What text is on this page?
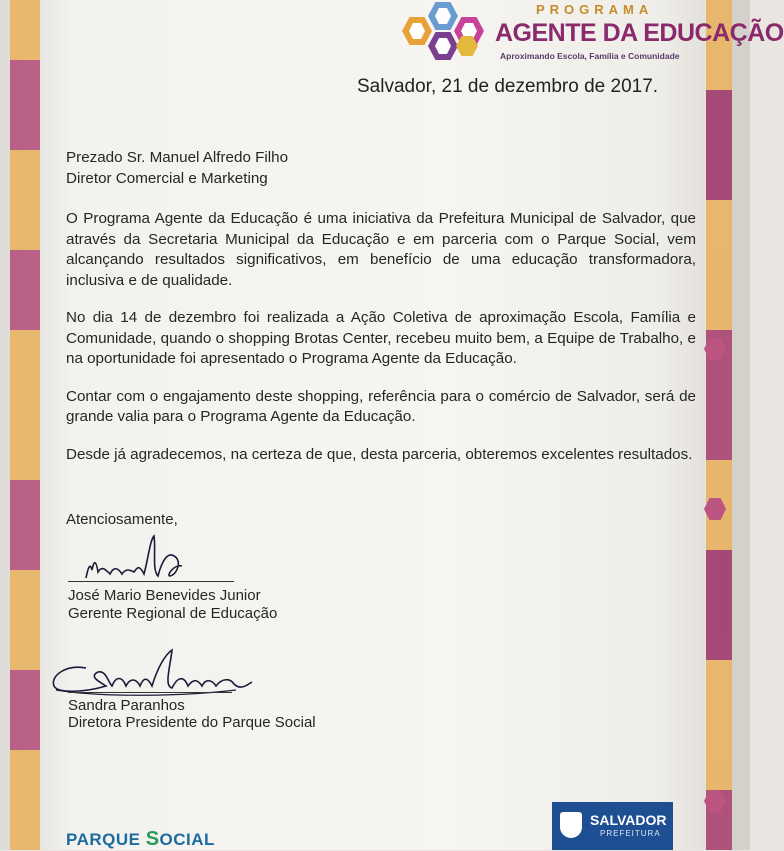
PROGRAMA
AGENTE DA EDUCAÇÃO
Aproximando Escola, Família e Comunidade
Salvador, 21 de dezembro de 2017.

Prezado Sr. Manuel Alfredo Filho

Diretor Comercial e Marketing

O Programa Agente da Educação é uma iniciativa da Prefeitura Municipal de Salvador, que através da Secretaria Municipal da Educação e em parceria com o Parque Social, vem alcançando resultados significativos, em benefício de uma educação transformadora, inclusiva e de qualidade.

No dia 14 de dezembro foi realizada a Ação Coletiva de aproximação Escola, Família e Comunidade, quando o shopping Brotas Center, recebeu muito bem, a Equipe de Trabalho, e na oportunidade foi apresentado o Programa Agente da Educação.

Contar com o engajamento deste shopping, referência para o comércio de Salvador, será de grande valia para o Programa Agente da Educação.

Desde já agradecemos, na certeza de que, desta parceria, obteremos excelentes resultados.

Atenciosamente,
José Mario Benevides Junior
Gerente Regional de Educação
Sandra Paranhos
Diretora Presidente do Parque Social
PARQUE SOCIAL
SALVADOR
PREFEITURA
